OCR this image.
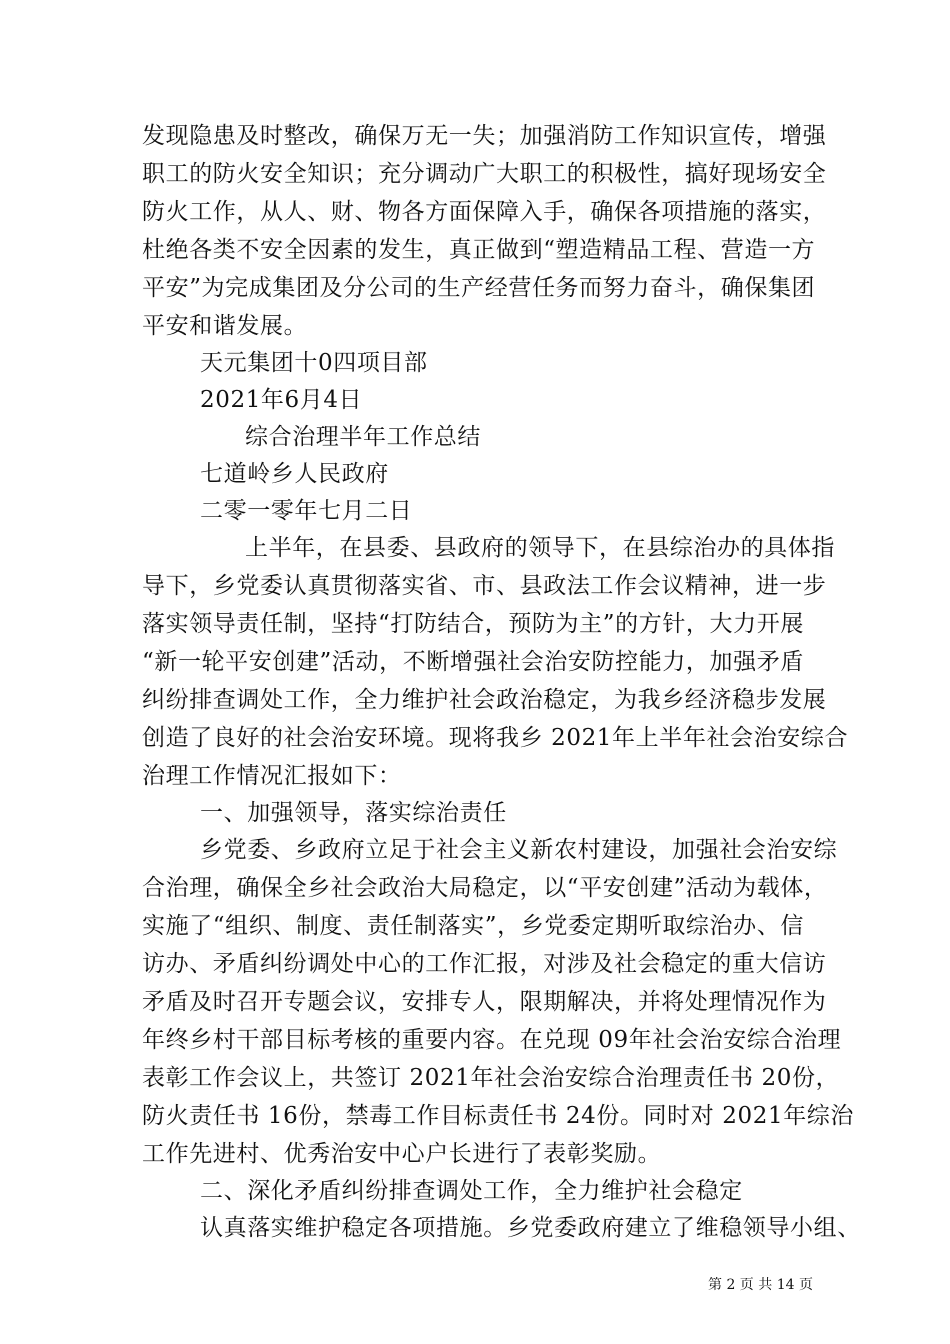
发现隐患及时整改，确保万无一失；加强消防工作知识宣传，增强
职工的防火安全知识；充分调动广大职工的积极性，搞好现场安全
防火工作，从人、财、物各方面保障入手，确保各项措施的落实，
杜绝各类不安全因素的发生，真正做到“塑造精品工程、营造一方
平安”为完成集团及分公司的生产经营任务而努力奋斗，确保集团
平安和谐发展。
天元集团十0四项目部
2021年6月4日
综合治理半年工作总结
七道岭乡人民政府
二零一零年七月二日
上半年，在县委、县政府的领导下，在县综治办的具体指
导下，乡党委认真贯彻落实省、市、县政法工作会议精神，进一步
落实领导责任制，坚持“打防结合，预防为主”的方针，大力开展
“新一轮平安创建”活动，不断增强社会治安防控能力，加强矛盾
纠纷排查调处工作，全力维护社会政治稳定，为我乡经济稳步发展
创造了良好的社会治安环境。现将我乡 2021年上半年社会治安综合
治理工作情况汇报如下：
一、加强领导，落实综治责任
乡党委、乡政府立足于社会主义新农村建设，加强社会治安综
合治理，确保全乡社会政治大局稳定，以“平安创建”活动为载体，
实施了“组织、制度、责任制落实”，乡党委定期听取综治办、信
访办、矛盾纠纷调处中心的工作汇报，对涉及社会稳定的重大信访
矛盾及时召开专题会议，安排专人，限期解决，并将处理情况作为
年终乡村干部目标考核的重要内容。在兑现 09年社会治安综合治理
表彰工作会议上，共签订 2021年社会治安综合治理责任书 20份，
防火责任书 16份，禁毒工作目标责任书 24份。同时对 2021年综治
工作先进村、优秀治安中心户长进行了表彰奖励。
二、深化矛盾纠纷排查调处工作，全力维护社会稳定
认真落实维护稳定各项措施。乡党委政府建立了维稳领导小组、
第 2 页 共 14 页
